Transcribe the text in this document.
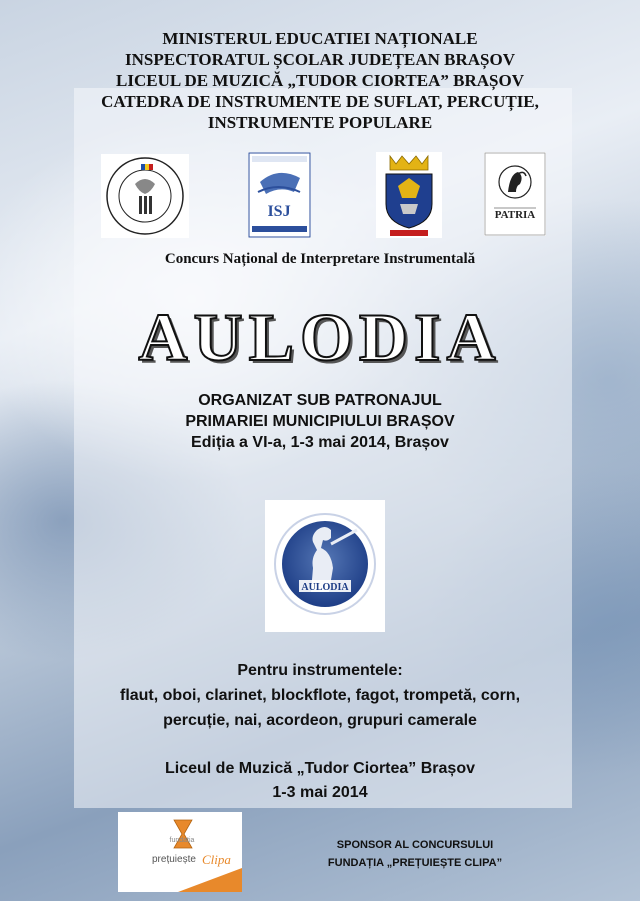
MINISTERUL EDUCATIEI NAȚIONALE
INSPECTORATUL ȘCOLAR JUDEȚEAN BRAȘOV
LICEUL DE MUZICĂ „TUDOR CIORTEA” BRAȘOV
CATEDRA DE INSTRUMENTE DE SUFLAT, PERCUȚIE,
INSTRUMENTE POPULARE
ISJ	PATRIA
Concurs Național de Interpretare Instrumentală
AULODIA
ORGANIZAT SUB PATRONAJUL
PRIMARIEI MUNICIPIULUI BRAȘOV
Ediția a VI-a, 1-3 mai 2014, Brașov
AULODIA
Pentru instrumentele:
flaut, oboi, clarinet, blockflote, fagot, trompetă, corn,
percuție, nai, acordeon, grupuri camerale
Liceul de Muzică „Tudor Ciortea” Brașov
1-3 mai 2014
fundația
prețuiește Clipa
SPONSOR AL CONCURSULUI
FUNDAȚIA „PREȚUIEȘTE CLIPA”
